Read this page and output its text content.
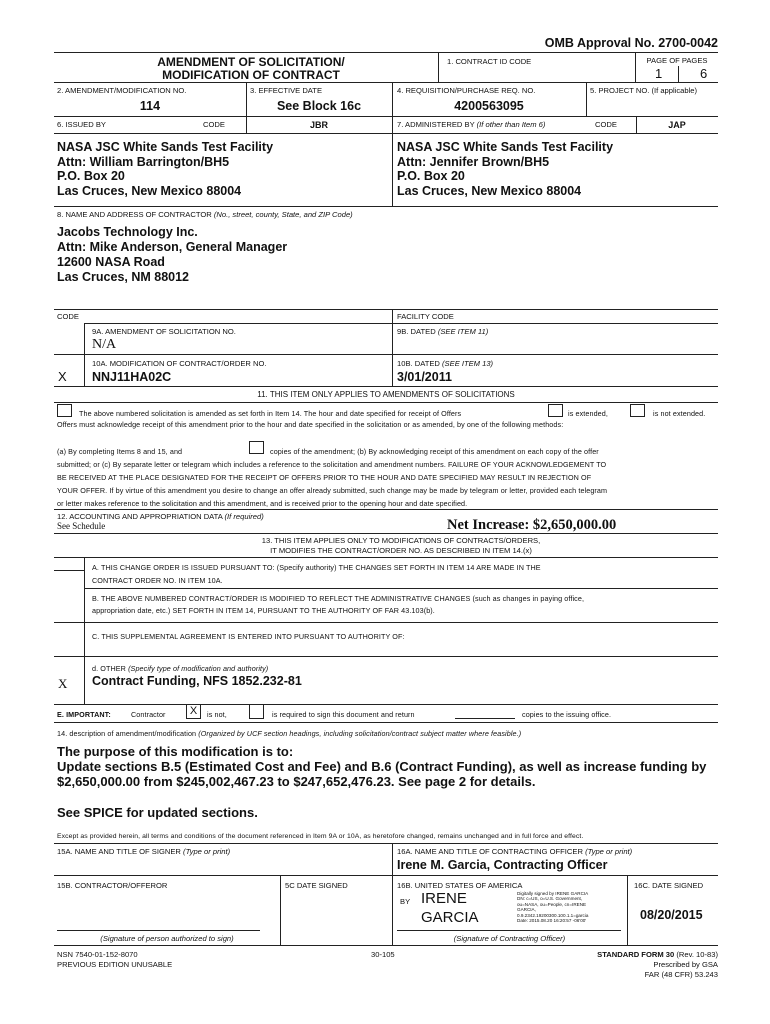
OMB Approval No. 2700-0042
AMENDMENT OF SOLICITATION/
MODIFICATION OF CONTRACT
1. CONTRACT ID CODE	PAGE OF PAGES
1	6
2. AMENDMENT/MODIFICATION NO.
114
3. EFFECTIVE DATE
See Block 16c
4. REQUISITION/PURCHASE REQ. NO.
4200563095
5. PROJECT NO. (If applicable)
6. ISSUED BY	CODE	JBR	7. ADMINISTERED BY (If other than Item 6)	CODE	JAP
NASA JSC White Sands Test Facility
Attn: William Barrington/BH5
P.O. Box 20
Las Cruces, New Mexico 88004
NASA JSC White Sands Test Facility
Attn: Jennifer Brown/BH5
P.O. Box 20
Las Cruces, New Mexico 88004
8. NAME AND ADDRESS OF CONTRACTOR (No., street, county, State, and ZIP Code)
Jacobs Technology Inc.
Attn: Mike Anderson, General Manager
12600 NASA Road
Las Cruces, NM 88012
CODE	FACILITY CODE
9A. AMENDMENT OF SOLICITATION NO.
N/A
9B. DATED (SEE ITEM 11)
X
10A. MODIFICATION OF CONTRACT/ORDER NO.
NNJ11HA02C
10B. DATED (SEE ITEM 13)
3/01/2011
11. THIS ITEM ONLY APPLIES TO AMENDMENTS OF SOLICITATIONS
The above numbered solicitation is amended as set forth in Item 14. The hour and date specified for receipt of Offers	is extended,	is not extended.
Offers must acknowledge receipt of this amendment prior to the hour and date specified in the solicitation or as amended, by one of the following methods:
(a) By completing Items 8 and 15, and	copies of the amendment; (b) By acknowledging receipt of this amendment on each copy of the offer
submitted; or (c) By separate letter or telegram which includes a reference to the solicitation and amendment numbers. FAILURE OF YOUR ACKNOWLEDGEMENT TO
BE RECEIVED AT THE PLACE DESIGNATED FOR THE RECEIPT OF OFFERS PRIOR TO THE HOUR AND DATE SPECIFIED MAY RESULT IN REJECTION OF
YOUR OFFER. If by virtue of this amendment you desire to change an offer already submitted, such change may be made by telegram or letter, provided each telegram
or letter makes reference to the solicitation and this amendment, and is received prior to the opening hour and date specified.
12. ACCOUNTING AND APPROPRIATION DATA (If required)
See Schedule	Net Increase: $2,650,000.00
13. THIS ITEM APPLIES ONLY TO MODIFICATIONS OF CONTRACTS/ORDERS,
IT MODIFIES THE CONTRACT/ORDER NO. AS DESCRIBED IN ITEM 14.(x)
A. THIS CHANGE ORDER IS ISSUED PURSUANT TO: (Specify authority) THE CHANGES SET FORTH IN ITEM 14 ARE MADE IN THE
CONTRACT ORDER NO. IN ITEM 10A.
B. THE ABOVE NUMBERED CONTRACT/ORDER IS MODIFIED TO REFLECT THE ADMINISTRATIVE CHANGES (such as changes in paying office,
appropriation date, etc.) SET FORTH IN ITEM 14, PURSUANT TO THE AUTHORITY OF FAR 43.103(b).
C. THIS SUPPLEMENTAL AGREEMENT IS ENTERED INTO PURSUANT TO AUTHORITY OF:
d. OTHER (Specify type of modification and authority)
X Contract Funding, NFS 1852.232-81
E. IMPORTANT:	Contractor	X	is not,	is required to sign this document and return	copies to the issuing office.
14. description of amendment/modification (Organized by UCF section headings, including solicitation/contract subject matter where feasible.)
The purpose of this modification is to:
Update sections B.5 (Estimated Cost and Fee) and B.6 (Contract Funding), as well as increase funding by
$2,650,000.00 from $245,002,467.23 to $247,652,476.23. See page 2 for details.
See SPICE for updated sections.
Except as provided herein, all terms and conditions of the document referenced in Item 9A or 10A, as heretofore changed, remains unchanged and in full force and effect.
15A. NAME AND TITLE OF SIGNER (Type or print)	16A. NAME AND TITLE OF CONTRACTING OFFICER (Type or print)
Irene M. Garcia, Contracting Officer
15B. CONTRACTOR/OFFEROR	5C DATE SIGNED	16B. UNITED STATES OF AMERICA
BY IRENE
GARCIA
Digitally signed by IRENE GARCIA
DN: c=US, o=U.S. Government,
ou=NASA, ou=People, cn=IRENE
GARCIA,
0.9.2342.19200300.100.1.1=garcia
Date: 2015.08.20 16:20:57 -06'00'
16C. DATE SIGNED
08/20/2015
(Signature of person authorized to sign)	(Signature of Contracting Officer)
NSN 7540-01-152-8070
PREVIOUS EDITION UNUSABLE
30-105	STANDARD FORM 30 (Rev. 10-83)
Prescribed by GSA
FAR (48 CFR) 53.243
